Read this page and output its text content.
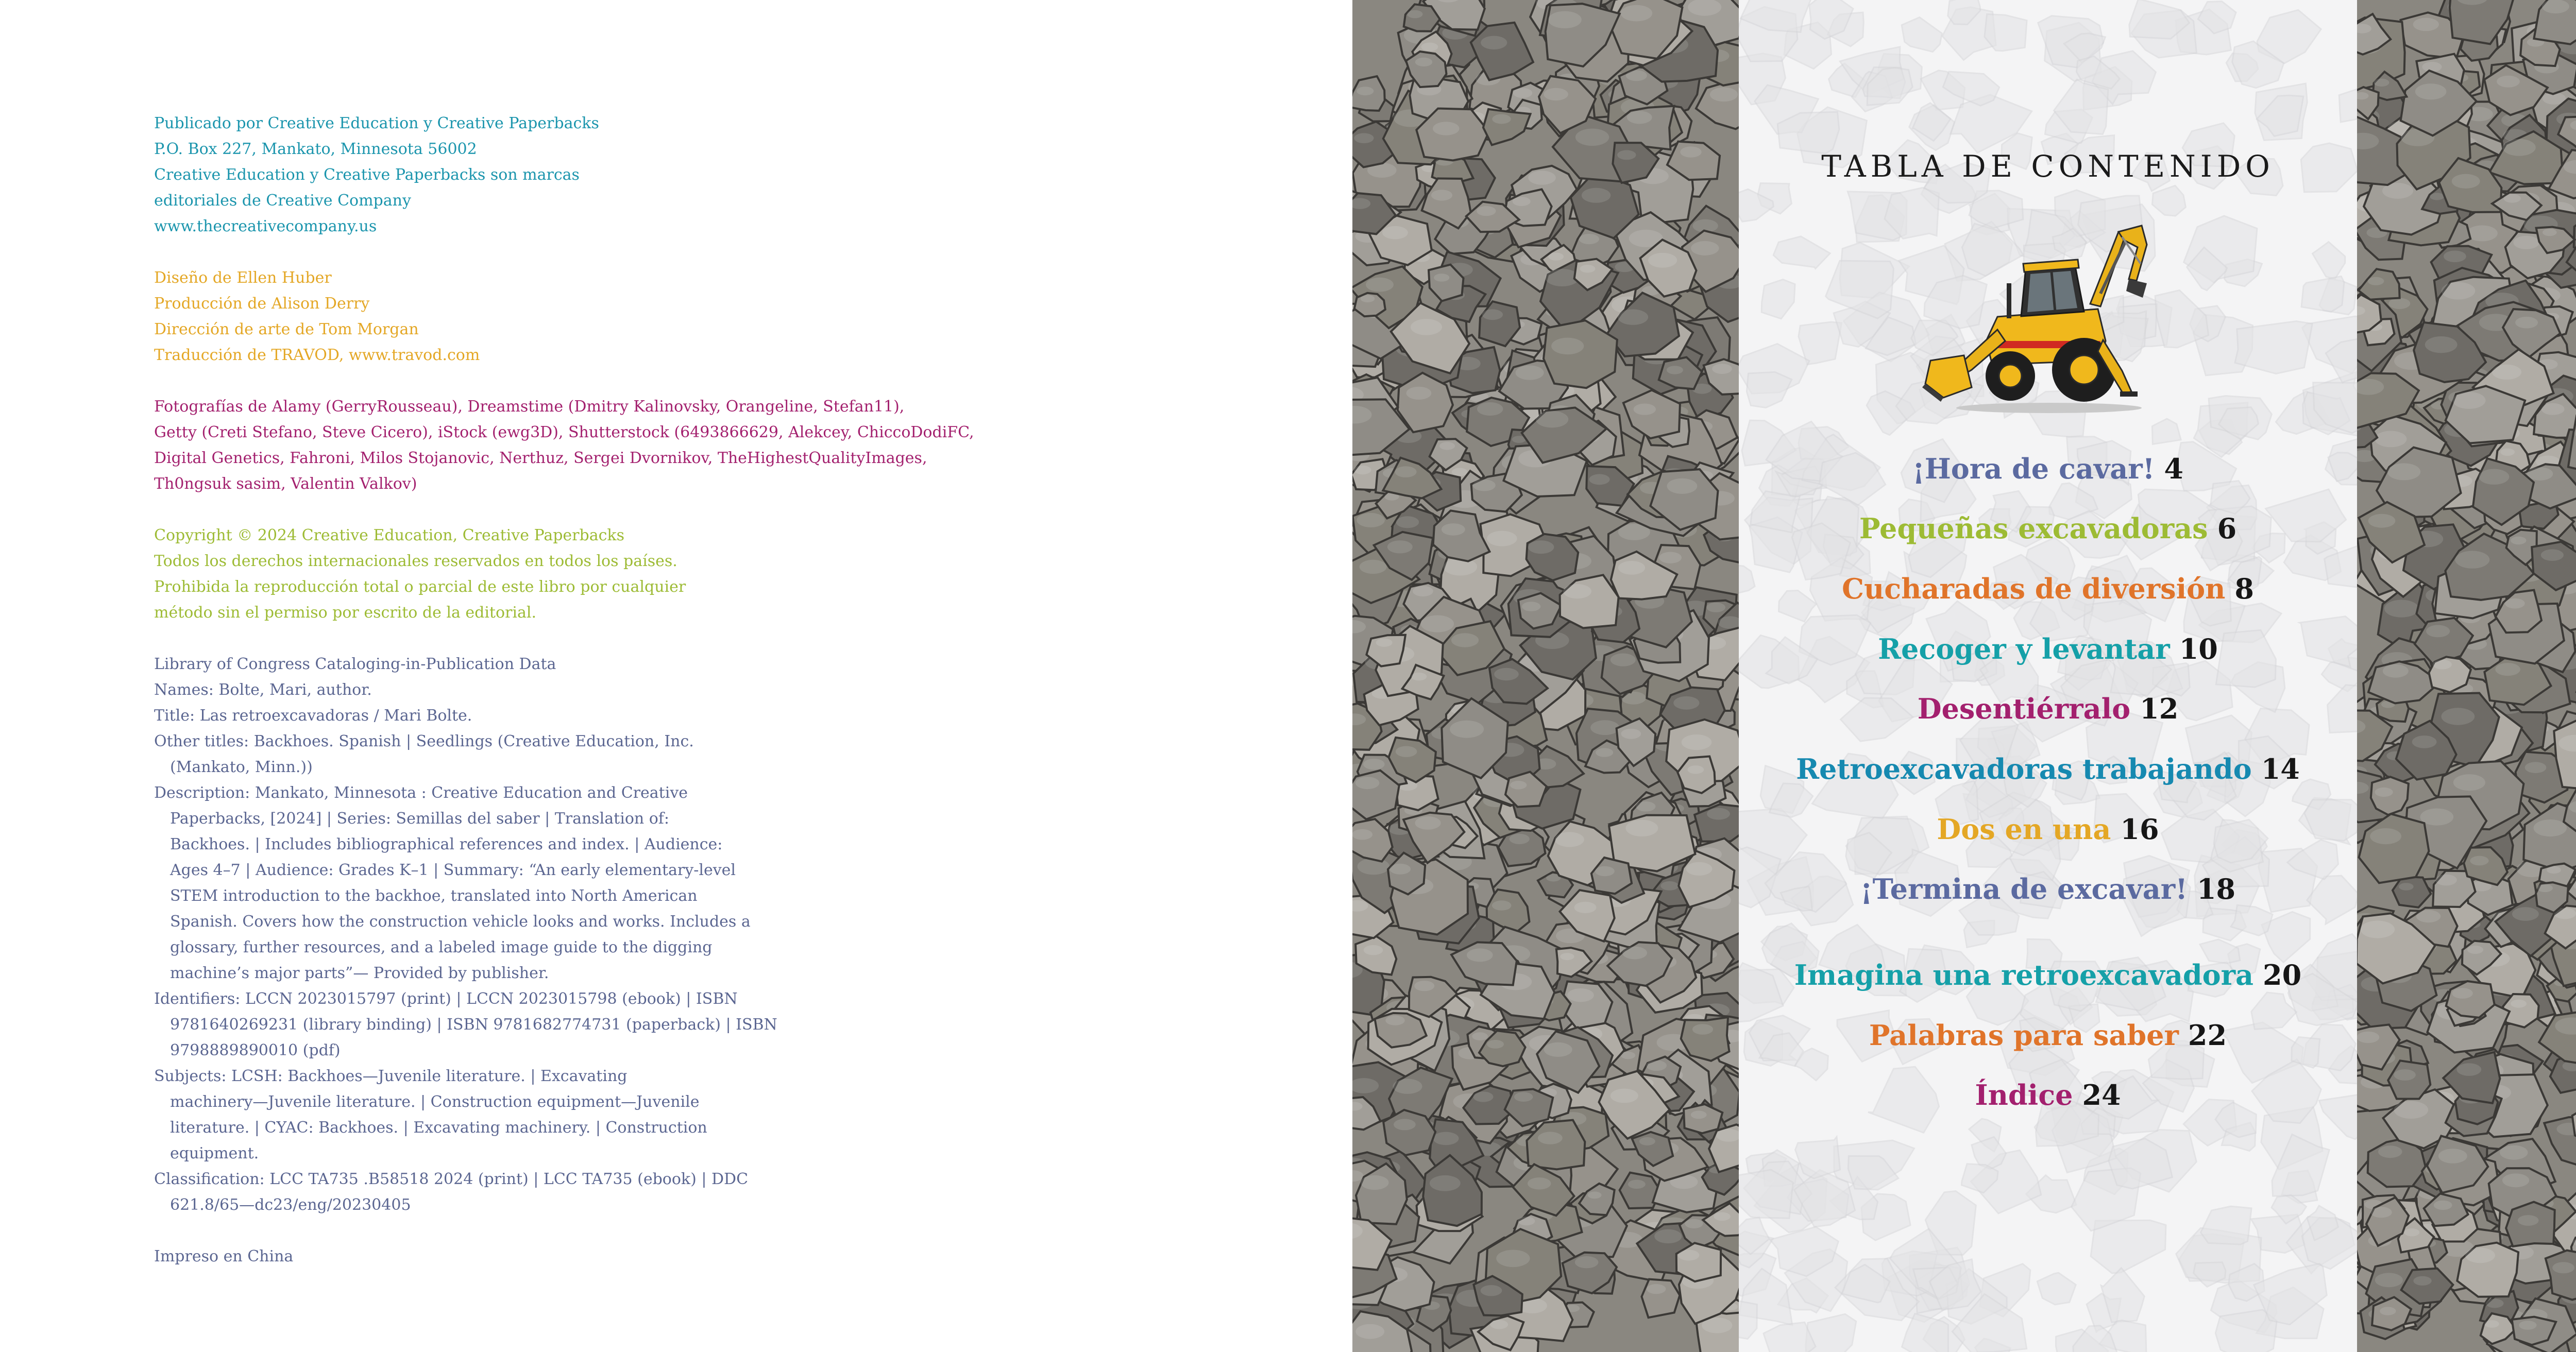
Publicado por Creative Education y Creative Paperbacks
P.O. Box 227, Mankato, Minnesota 56002
Creative Education y Creative Paperbacks son marcas
editoriales de Creative Company
www.thecreativecompany.us
Diseño de Ellen Huber
Producción de Alison Derry
Dirección de arte de Tom Morgan
Traducción de TRAVOD, www.travod.com
Fotografías de Alamy (GerryRousseau), Dreamstime (Dmitry Kalinovsky, Orangeline, Stefan11),
Getty (Creti Stefano, Steve Cicero), iStock (ewg3D), Shutterstock (6493866629, Alekcey, ChiccoDodiFC,
Digital Genetics, Fahroni, Milos Stojanovic, Nerthuz, Sergei Dvornikov, TheHighestQualityImages,
Th0ngsuk sasim, Valentin Valkov)
Copyright © 2024 Creative Education, Creative Paperbacks
Todos los derechos internacionales reservados en todos los países.
Prohibida la reproducción total o parcial de este libro por cualquier
método sin el permiso por escrito de la editorial.
Library of Congress Cataloging-in-Publication Data
Names: Bolte, Mari, author.
Title: Las retroexcavadoras / Mari Bolte.
Other titles: Backhoes. Spanish | Seedlings (Creative Education, Inc.
(Mankato, Minn.))
Description: Mankato, Minnesota : Creative Education and Creative
Paperbacks, [2024] | Series: Semillas del saber | Translation of:
Backhoes. | Includes bibliographical references and index. | Audience:
Ages 4–7 | Audience: Grades K–1 | Summary: “An early elementary-level
STEM introduction to the backhoe, translated into North American
Spanish. Covers how the construction vehicle looks and works. Includes a
glossary, further resources, and a labeled image guide to the digging
machine’s major parts”— Provided by publisher.
Identifiers: LCCN 2023015797 (print) | LCCN 2023015798 (ebook) | ISBN
9781640269231 (library binding) | ISBN 9781682774731 (paperback) | ISBN
9798889890010 (pdf)
Subjects: LCSH: Backhoes—Juvenile literature. | Excavating
machinery—Juvenile literature. | Construction equipment—Juvenile
literature. | CYAC: Backhoes. | Excavating machinery. | Construction
equipment.
Classification: LCC TA735 .B58518 2024 (print) | LCC TA735 (ebook) | DDC
621.8/65—dc23/eng/20230405
Impreso en China
TABLA DE CONTENIDO
¡Hora de cavar! 4
Pequeñas excavadoras 6
Cucharadas de diversión 8
Recoger y levantar 10
Desentiérralo 12
Retroexcavadoras trabajando 14
Dos en una 16
¡Termina de excavar! 18
Imagina una retroexcavadora 20
Palabras para saber 22
Índice 24
